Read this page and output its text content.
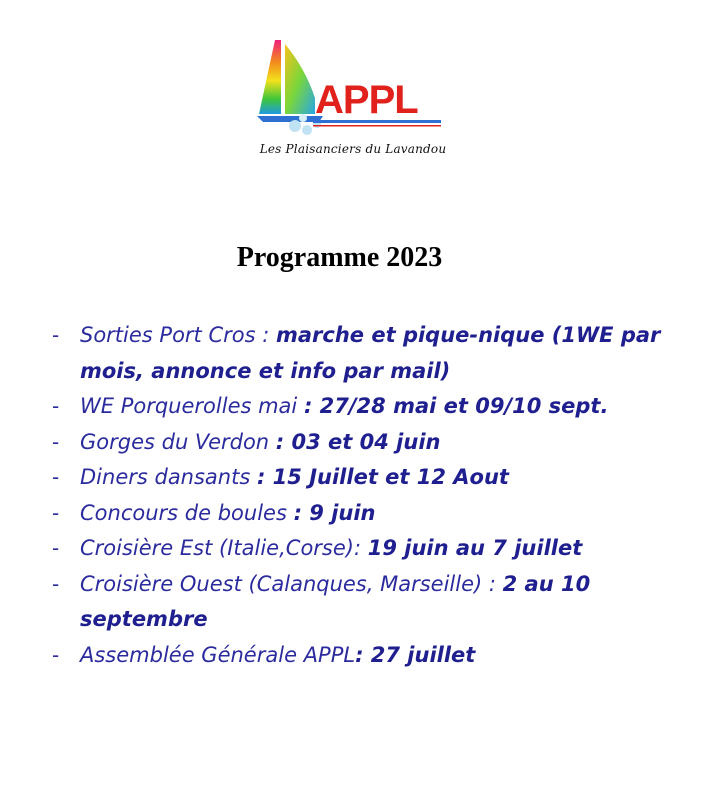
APPL
Les Plaisanciers du Lavandou
Programme 2023
- Sorties Port Cros : marche et pique-nique (1WE par mois, annonce et info par mail)
- WE Porquerolles mai : 27/28 mai et 09/10 sept.
- Gorges du Verdon : 03 et 04 juin
- Diners dansants : 15 Juillet et 12 Aout
- Concours de boules : 9 juin
- Croisière Est (Italie,Corse): 19 juin au 7 juillet
- Croisière Ouest (Calanques, Marseille) : 2 au 10 septembre
- Assemblée Générale APPL: 27 juillet
